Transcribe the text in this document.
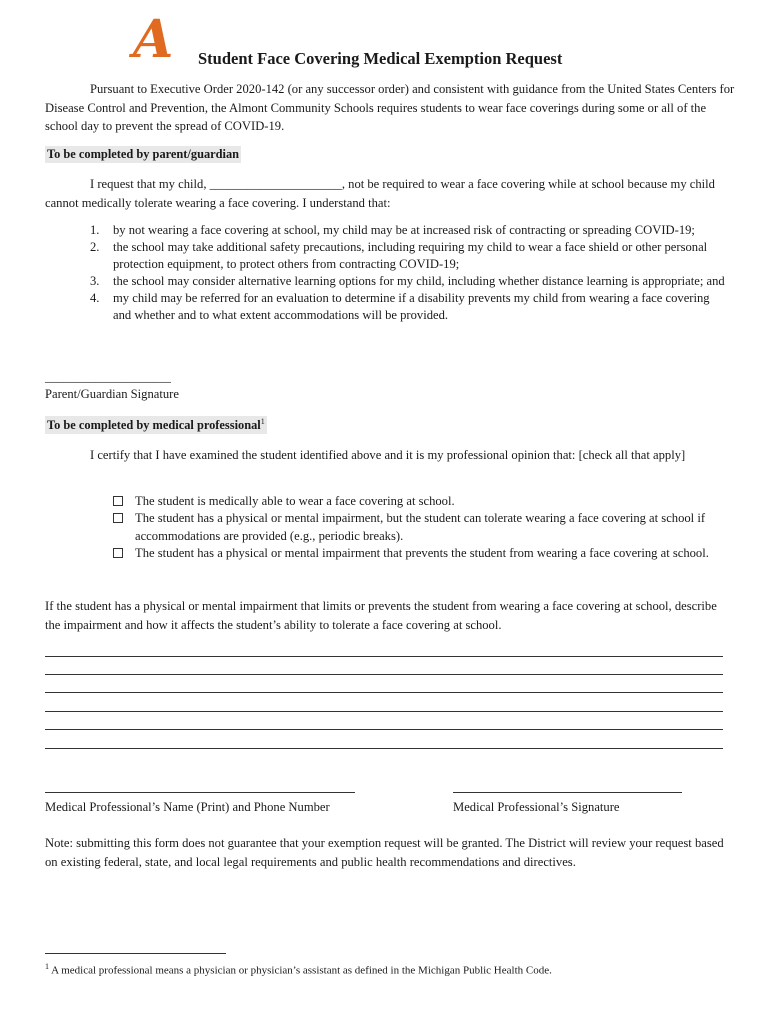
A Student Face Covering Medical Exemption Request
Pursuant to Executive Order 2020-142 (or any successor order) and consistent with guidance from the United States Centers for Disease Control and Prevention, the Almont Community Schools requires students to wear face coverings during some or all of the school day to prevent the spread of COVID-19.
To be completed by parent/guardian
I request that my child, _____________________, not be required to wear a face covering while at school because my child cannot medically tolerate wearing a face covering. I understand that:
1. by not wearing a face covering at school, my child may be at increased risk of contracting or spreading COVID-19;
2. the school may take additional safety precautions, including requiring my child to wear a face shield or other personal protection equipment, to protect others from contracting COVID-19;
3. the school may consider alternative learning options for my child, including whether distance learning is appropriate; and
4. my child may be referred for an evaluation to determine if a disability prevents my child from wearing a face covering and whether and to what extent accommodations will be provided.
____________________
Parent/Guardian Signature
To be completed by medical professional$^1$
I certify that I have examined the student identified above and it is my professional opinion that: [check all that apply]
The student is medically able to wear a face covering at school.
The student has a physical or mental impairment, but the student can tolerate wearing a face covering at school if accommodations are provided (e.g., periodic breaks).
The student has a physical or mental impairment that prevents the student from wearing a face covering at school.
If the student has a physical or mental impairment that limits or prevents the student from wearing a face covering at school, describe the impairment and how it affects the student’s ability to tolerate a face covering at school.
Medical Professional’s Name (Print) and Phone Number	Medical Professional’s Signature
Note: submitting this form does not guarantee that your exemption request will be granted. The District will review your request based on existing federal, state, and local legal requirements and public health recommendations and directives.
$^1$ A medical professional means a physician or physician’s assistant as defined in the Michigan Public Health Code.
